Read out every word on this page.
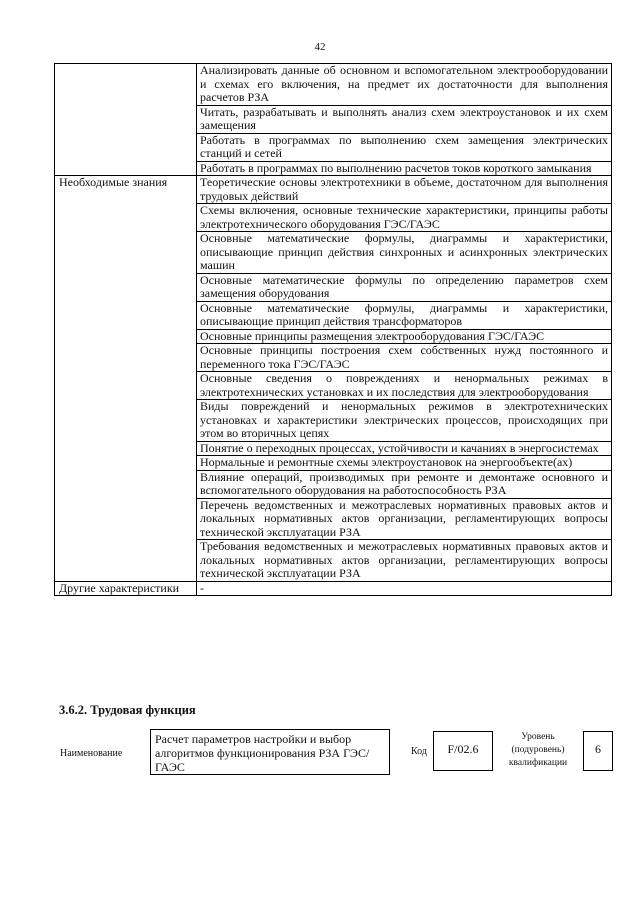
42
	Анализировать данные об основном и вспомогательном электрооборудовании и схемах его включения, на предмет их достаточности для выполнения расчетов РЗА
	Читать, разрабатывать и выполнять анализ схем электроустановок и их схем замещения
	Работать в программах по выполнению схем замещения электрических станций и сетей
	Работать в программах по выполнению расчетов токов короткого замыкания
Необходимые знания	Теоретические основы электротехники в объеме, достаточном для выполнения трудовых действий
	Схемы включения, основные технические характеристики, принципы работы электротехнического оборудования ГЭС/ГАЭС
	Основные математические формулы, диаграммы и характеристики, описывающие принцип действия синхронных и асинхронных электрических машин
	Основные математические формулы по определению параметров схем замещения оборудования
	Основные математические формулы, диаграммы и характеристики, описывающие принцип действия трансформаторов
	Основные принципы размещения электрооборудования ГЭС/ГАЭС
	Основные принципы построения схем собственных нужд постоянного и переменного тока ГЭС/ГАЭС
	Основные сведения о повреждениях и ненормальных режимах в электротехнических установках и их последствия для электрооборудования
	Виды повреждений и ненормальных режимов в электротехнических установках и характеристики электрических процессов, происходящих при этом во вторичных цепях
	Понятие о переходных процессах, устойчивости и качаниях в энергосистемах
	Нормальные и ремонтные схемы электроустановок на энергообъекте(ах)
	Влияние операций, производимых при ремонте и демонтаже основного и вспомогательного оборудования на работоспособность РЗА
	Перечень ведомственных и межотраслевых нормативных правовых актов и локальных нормативных актов организации, регламентирующих вопросы технической эксплуатации РЗА
	Требования ведомственных и межотраслевых нормативных правовых актов и локальных нормативных актов организации, регламентирующих вопросы технической эксплуатации РЗА
Другие характеристики	-
3.6.2. Трудовая функция
Наименование
Расчет параметров настройки и выбор алгоритмов функционирования РЗА ГЭС/ГАЭС
Код	F/02.6
Уровень (подуровень) квалификации
6
